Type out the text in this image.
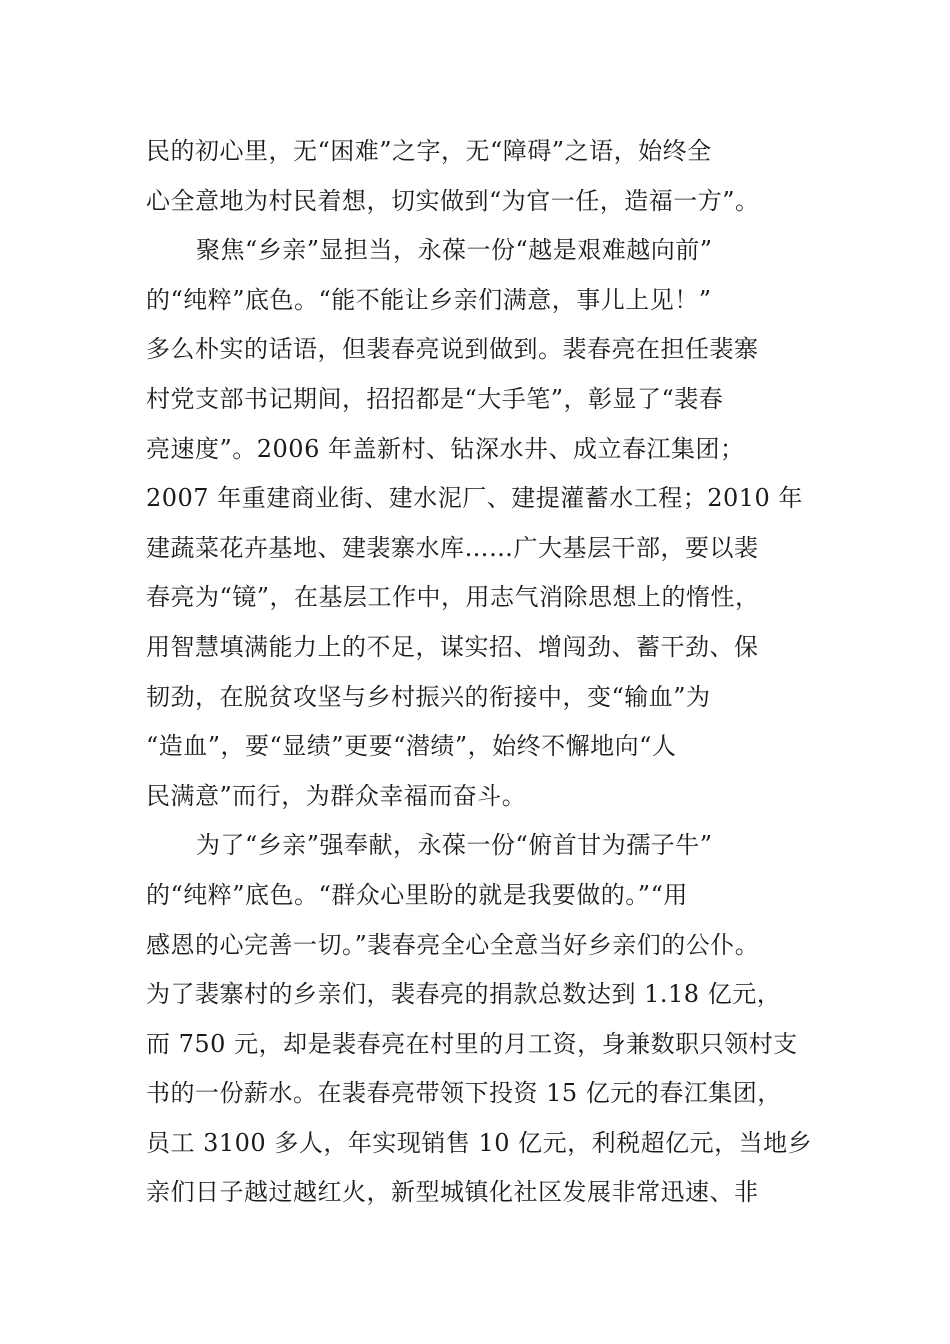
民的初心里，无“困难”之字，无“障碍”之语，始终全
心全意地为村民着想，切实做到“为官一任，造福一方”。
聚焦“乡亲”显担当，永葆一份“越是艰难越向前”
的“纯粹”底色。“能不能让乡亲们满意，事儿上见！”
多么朴实的话语，但裴春亮说到做到。裴春亮在担任裴寨
村党支部书记期间，招招都是“大手笔”，彰显了“裴春
亮速度”。2006 年盖新村、钻深水井、成立春江集团；
2007 年重建商业街、建水泥厂、建提灌蓄水工程；2010 年
建蔬菜花卉基地、建裴寨水库……广大基层干部，要以裴
春亮为“镜”，在基层工作中，用志气消除思想上的惰性，
用智慧填满能力上的不足，谋实招、增闯劲、蓄干劲、保
韧劲，在脱贫攻坚与乡村振兴的衔接中，变“输血”为
“造血”，要“显绩”更要“潜绩”，始终不懈地向“人
民满意”而行，为群众幸福而奋斗。
为了“乡亲”强奉献，永葆一份“俯首甘为孺子牛”
的“纯粹”底色。“群众心里盼的就是我要做的。”“用
感恩的心完善一切。”裴春亮全心全意当好乡亲们的公仆。
为了裴寨村的乡亲们，裴春亮的捐款总数达到 1.18 亿元，
而 750 元，却是裴春亮在村里的月工资，身兼数职只领村支
书的一份薪水。在裴春亮带领下投资 15 亿元的春江集团，
员工 3100 多人，年实现销售 10 亿元，利税超亿元，当地乡
亲们日子越过越红火，新型城镇化社区发展非常迅速、非
